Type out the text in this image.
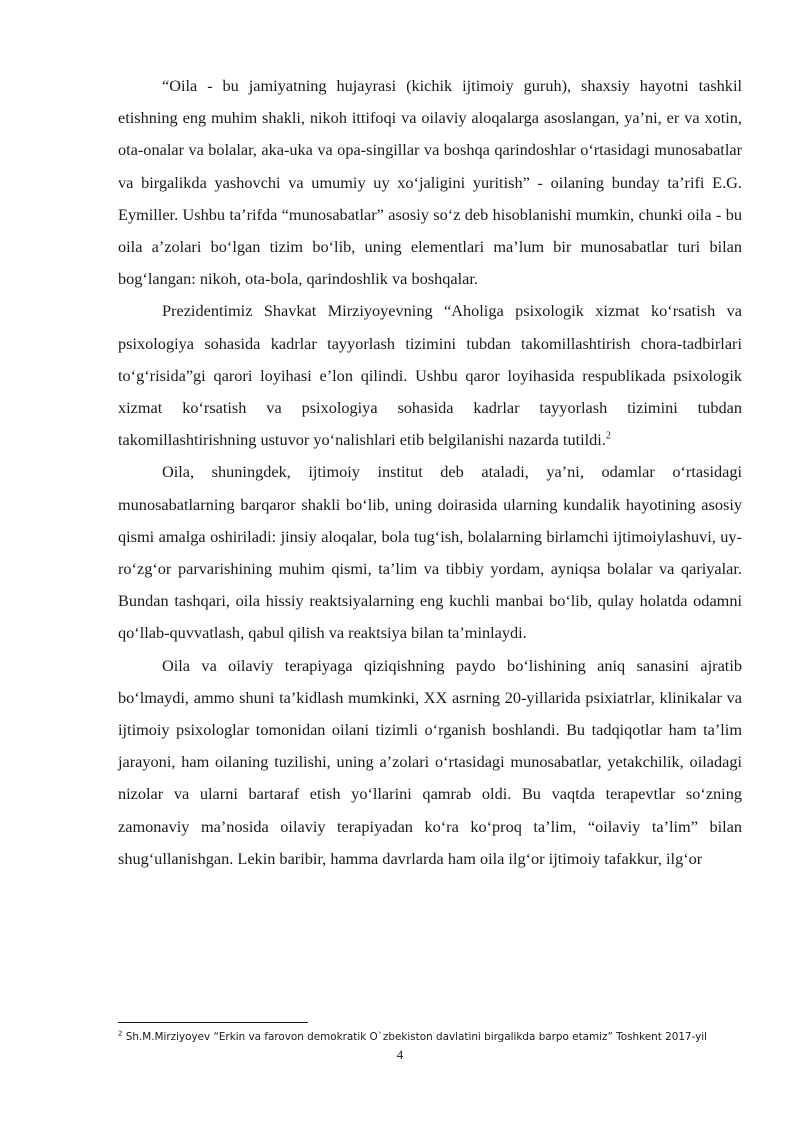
“Oila - bu jamiyatning hujayrasi (kichik ijtimoiy guruh), shaxsiy hayotni tashkil etishning eng muhim shakli, nikoh ittifoqi va oilaviy aloqalarga asoslangan, ya’ni, er va xotin, ota-onalar va bolalar, aka-uka va opa-singillar va boshqa qarindoshlar o‘rtasidagi munosabatlar va birgalikda yashovchi va umumiy uy xo‘jaligini yuritish” - oilaning bunday ta’rifi E.G. Eymiller. Ushbu ta’rifda “munosabatlar” asosiy so‘z deb hisoblanishi mumkin, chunki oila - bu oila a’zolari bo‘lgan tizim bo‘lib, uning elementlari ma’lum bir munosabatlar turi bilan bog‘langan: nikoh, ota-bola, qarindoshlik va boshqalar.

Prezidentimiz Shavkat Mirziyoyevning “Aholiga psixologik xizmat ko‘rsatish va psixologiya sohasida kadrlar tayyorlash tizimini tubdan takomillashtirish chora-tadbirlari to‘g‘risida”gi qarori loyihasi e’lon qilindi. Ushbu qaror loyihasida respublikada psixologik xizmat ko‘rsatish va psixologiya sohasida kadrlar tayyorlash tizimini tubdan takomillashtirishning ustuvor yo‘nalishlari etib belgilanishi nazarda tutildi.$^2$

Oila, shuningdek, ijtimoiy institut deb ataladi, ya’ni, odamlar o‘rtasidagi munosabatlarning barqaror shakli bo‘lib, uning doirasida ularning kundalik hayotining asosiy qismi amalga oshiriladi: jinsiy aloqalar, bola tug‘ish, bolalarning birlamchi ijtimoiylashuvi, uy-ro‘zg‘or parvarishining muhim qismi, ta’lim va tibbiy yordam, ayniqsa bolalar va qariyalar. Bundan tashqari, oila hissiy reaktsiyalarning eng kuchli manbai bo‘lib, qulay holatda odamni qo‘llab-quvvatlash, qabul qilish va reaktsiya bilan ta’minlaydi.

Oila va oilaviy terapiyaga qiziqishning paydo bo‘lishining aniq sanasini ajratib bo‘lmaydi, ammo shuni ta’kidlash mumkinki, XX asrning 20-yillarida psixiatrlar, klinikalar va ijtimoiy psixologlar tomonidan oilani tizimli o‘rganish boshlandi. Bu tadqiqotlar ham ta’lim jarayoni, ham oilaning tuzilishi, uning a’zolari o‘rtasidagi munosabatlar, yetakchilik, oiladagi nizolar va ularni bartaraf etish yo‘llarini qamrab oldi. Bu vaqtda terapevtlar so‘zning zamonaviy ma’nosida oilaviy terapiyadan ko‘ra ko‘proq ta’lim, “oilaviy ta’lim” bilan shug‘ullanishgan. Lekin baribir, hamma davrlarda ham oila ilg‘or ijtimoiy tafakkur, ilg‘or

$^2$ Sh.M.Mirziyoyev “Erkin va farovon demokratik O`zbekiston davlatini birgalikda barpo etamiz” Toshkent 2017-yil
4
